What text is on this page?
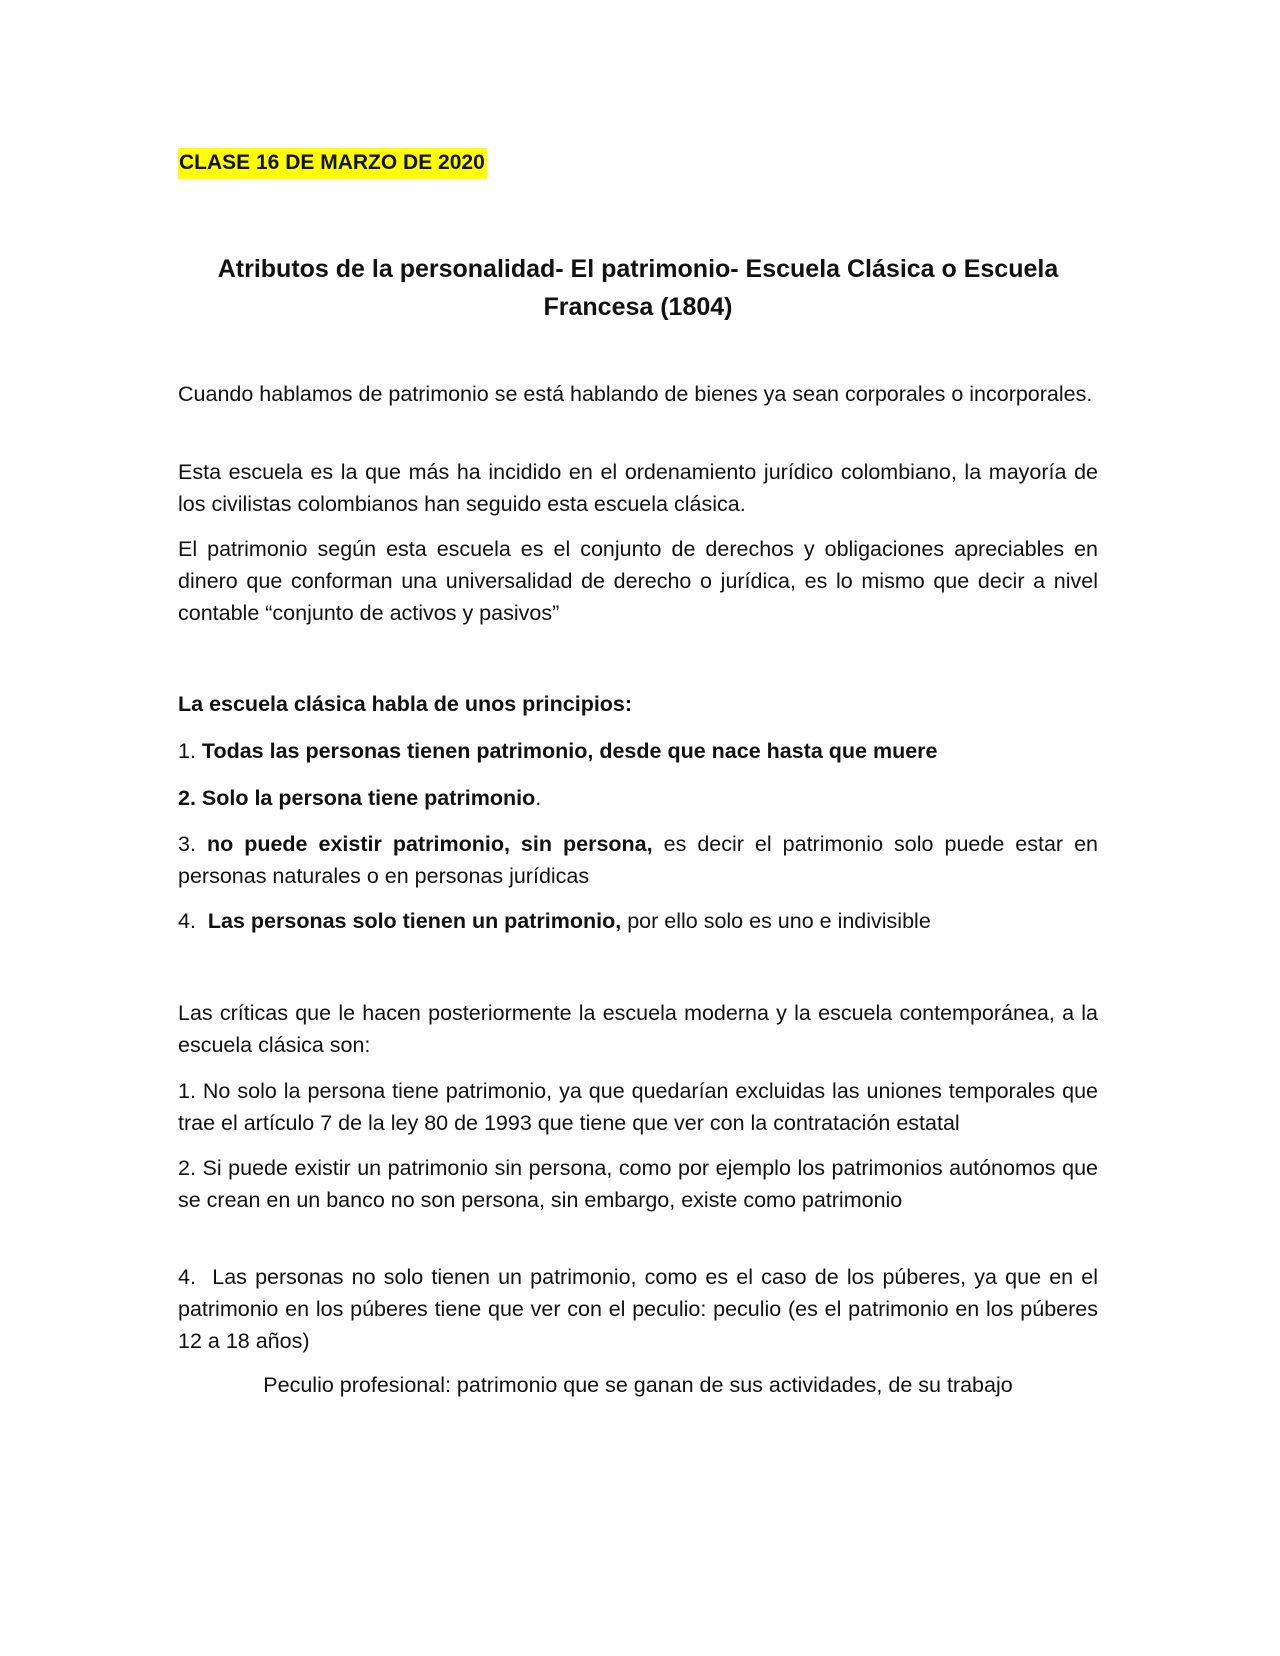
CLASE 16 DE MARZO DE 2020
Atributos de la personalidad- El patrimonio- Escuela Clásica o Escuela Francesa (1804)

Cuando hablamos de patrimonio se está hablando de bienes ya sean corporales o incorporales.

Esta escuela es la que más ha incidido en el ordenamiento jurídico colombiano, la mayoría de los civilistas colombianos han seguido esta escuela clásica.

El patrimonio según esta escuela es el conjunto de derechos y obligaciones apreciables en dinero que conforman una universalidad de derecho o jurídica, es lo mismo que decir a nivel contable “conjunto de activos y pasivos”

La escuela clásica habla de unos principios:

1. Todas las personas tienen patrimonio, desde que nace hasta que muere

2. Solo la persona tiene patrimonio.

3. no puede existir patrimonio, sin persona, es decir el patrimonio solo puede estar en personas naturales o en personas jurídicas

4.  Las personas solo tienen un patrimonio, por ello solo es uno e indivisible

Las críticas que le hacen posteriormente la escuela moderna y la escuela contemporánea, a la escuela clásica son:

1. No solo la persona tiene patrimonio, ya que quedarían excluidas las uniones temporales que trae el artículo 7 de la ley 80 de 1993 que tiene que ver con la contratación estatal

2. Si puede existir un patrimonio sin persona, como por ejemplo los patrimonios autónomos que se crean en un banco no son persona, sin embargo, existe como patrimonio

4.  Las personas no solo tienen un patrimonio, como es el caso de los púberes, ya que en el patrimonio en los púberes tiene que ver con el peculio: peculio (es el patrimonio en los púberes 12 a 18 años)

Peculio profesional: patrimonio que se ganan de sus actividades, de su trabajo
